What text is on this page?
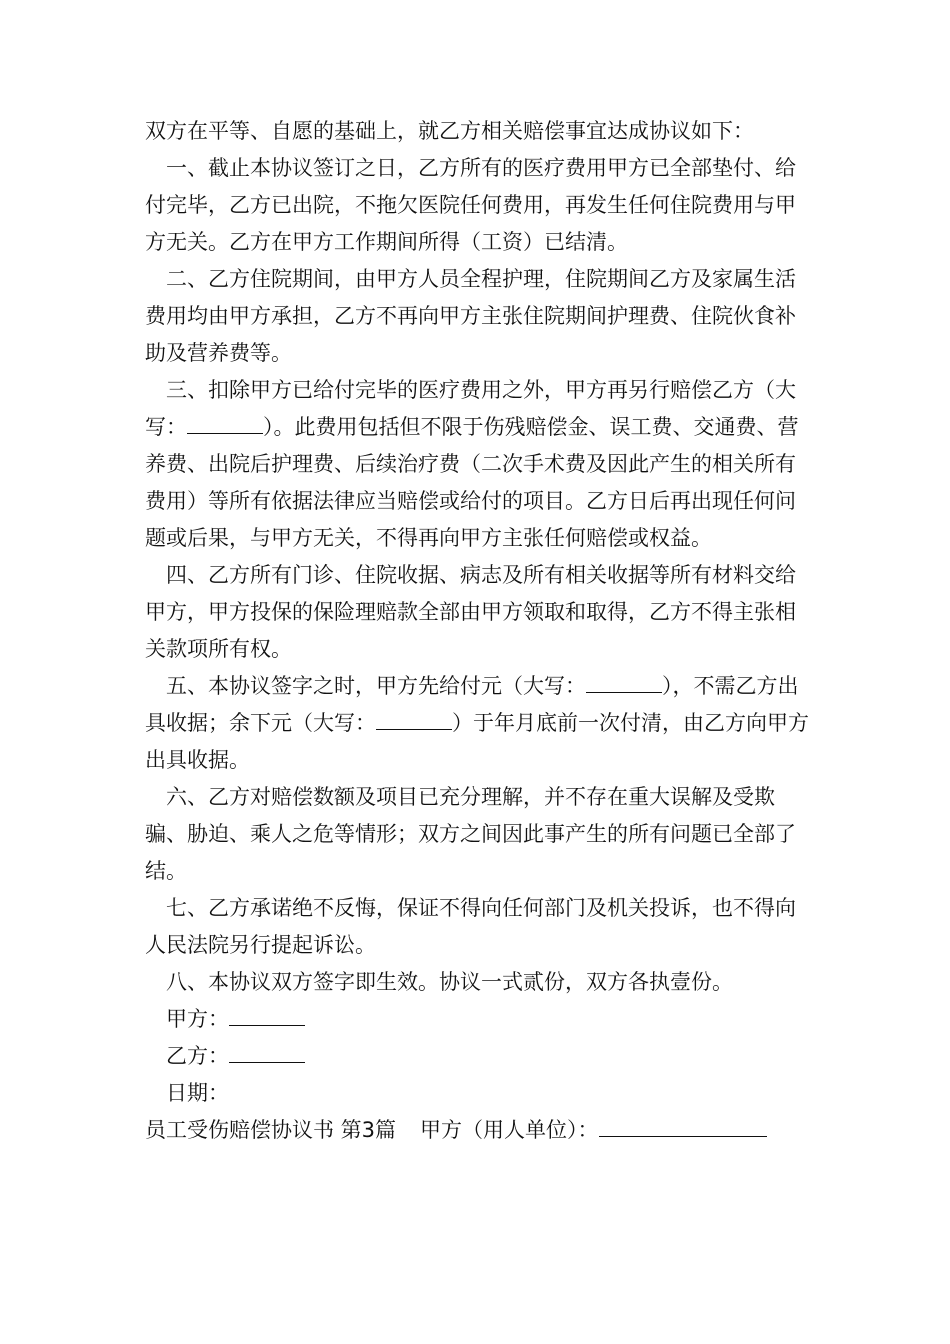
双方在平等、自愿的基础上，就乙方相关赔偿事宜达成协议如下：

一、截止本协议签订之日，乙方所有的医疗费用甲方已全部垫付、给付完毕，乙方已出院，不拖欠医院任何费用，再发生任何住院费用与甲方无关。乙方在甲方工作期间所得（工资）已结清。

二、乙方住院期间，由甲方人员全程护理，住院期间乙方及家属生活费用均由甲方承担，乙方不再向甲方主张住院期间护理费、住院伙食补助及营养费等。

三、扣除甲方已给付完毕的医疗费用之外，甲方再另行赔偿乙方（大写：	）。此费用包括但不限于伤残赔偿金、误工费、交通费、营养费、出院后护理费、后续治疗费（二次手术费及因此产生的相关所有费用）等所有依据法律应当赔偿或给付的项目。乙方日后再出现任何问题或后果，与甲方无关，不得再向甲方主张任何赔偿或权益。

四、乙方所有门诊、住院收据、病志及所有相关收据等所有材料交给甲方，甲方投保的保险理赔款全部由甲方领取和取得，乙方不得主张相关款项所有权。

五、本协议签字之时，甲方先给付元（大写：	），不需乙方出具收据；余下元（大写：	）于年月底前一次付清，由乙方向甲方出具收据。

六、乙方对赔偿数额及项目已充分理解，并不存在重大误解及受欺骗、胁迫、乘人之危等情形；双方之间因此事产生的所有问题已全部了结。

七、乙方承诺绝不反悔，保证不得向任何部门及机关投诉，也不得向人民法院另行提起诉讼。

八、本协议双方签字即生效。协议一式贰份，双方各执壹份。

甲方：

乙方：

日期：

员工受伤赔偿协议书 第3篇 甲方（用人单位）：
